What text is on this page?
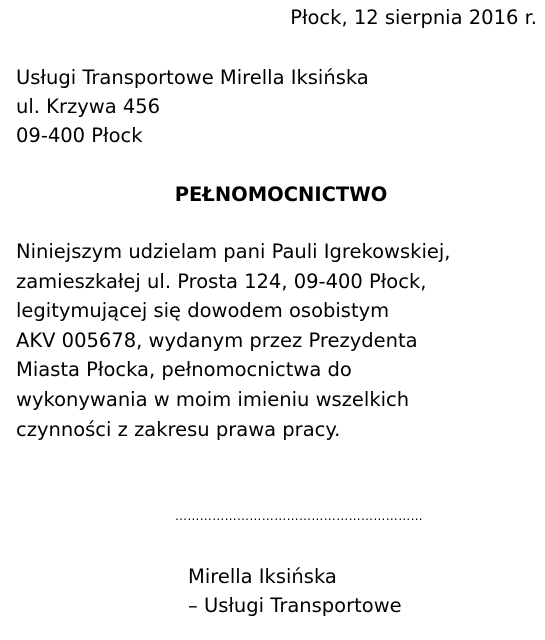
Płock, 12 sierpnia 2016 r.
Usługi Transportowe Mirella Iksińska
ul. Krzywa 456
09-400 Płock
PEŁNOMOCNICTWO
Niniejszym udzielam pani Pauli Igrekowskiej,
zamieszkałej ul. Prosta 124, 09-400 Płock,
legitymującej się dowodem osobistym
AKV 005678, wydanym przez Prezydenta
Miasta Płocka, pełnomocnictwa do
wykonywania w moim imieniu wszelkich
czynności z zakresu prawa pracy.
……………………………………………………
Mirella Iksińska
– Usługi Transportowe
